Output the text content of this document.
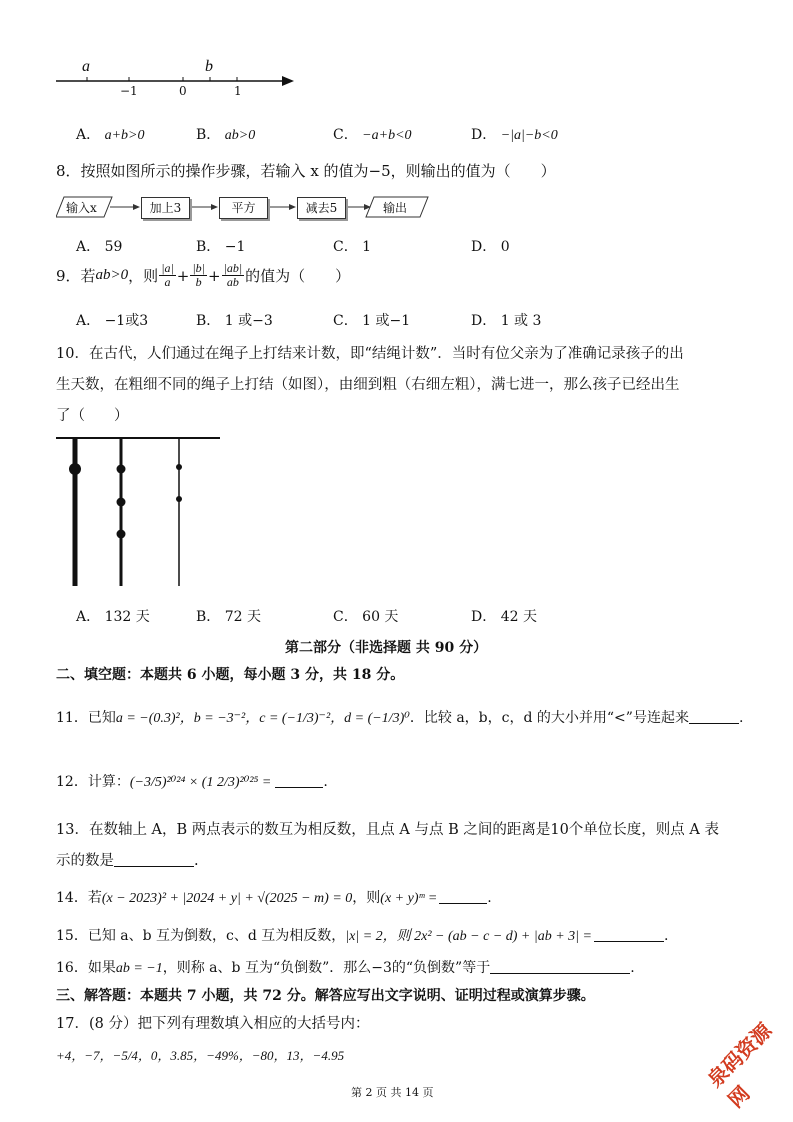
a	b
−1	0	1
A． a+b>0	B． ab>0	C． −a+b<0	D． −|a|−b<0
8．按照如图所示的操作步骤，若输入 x 的值为−5，则输出的值为（　　）
输入x	加上3	平方	减去5	输出
A． 59	B． −1	C． 1	D． 0
9．若 ab>0 ，则 $\frac{|a|}{a} + \frac{|b|}{b} + \frac{|ab|}{ab}$ 的值为（　　）
A． −1或3	B． 1 或−3	C． 1 或−1	D． 1 或 3
10．在古代，人们通过在绳子上打结来计数，即“结绳计数”．当时有位父亲为了准确记录孩子的出
生天数，在粗细不同的绳子上打结（如图），由细到粗（右细左粗），满七进一，那么孩子已经出生
了（　　）
A． 132 天	B． 72 天	C． 60 天	D． 42 天
第二部分（非选择题 共 90 分）
二、填空题：本题共 6 小题，每小题 3 分，共 18 分。
11．已知a = −(0.3)²，b = −3⁻²，c = (−1/3)⁻²，d = (−1/3)⁰．比较 a，b，c，d 的大小并用“<”号连起来	.
12．计算：(−3/5)²⁰²⁴ × (1 2/3)²⁰²⁵ =	.
13．在数轴上 A，B 两点表示的数互为相反数，且点 A 与点 B 之间的距离是10个单位长度，则点 A 表
示的数是	.
14．若(x − 2023)² + |2024 + y| + √(2025 − m) = 0，则(x + y)ᵐ =	.
15．已知 a、b 互为倒数，c、d 互为相反数，|x| = 2，则 2x² − (ab − c − d) + |ab + 3| =	.
16．如果ab = −1，则称 a、b 互为“负倒数”．那么−3的“负倒数”等于	.
三、解答题：本题共 7 小题，共 72 分。解答应写出文字说明、证明过程或演算步骤。
17．(8 分）把下列有理数填入相应的大括号内：
+4，−7，−5/4，0，3.85，−49%，−80，13，−4.95	泉码资源网
第 2 页 共 14 页
